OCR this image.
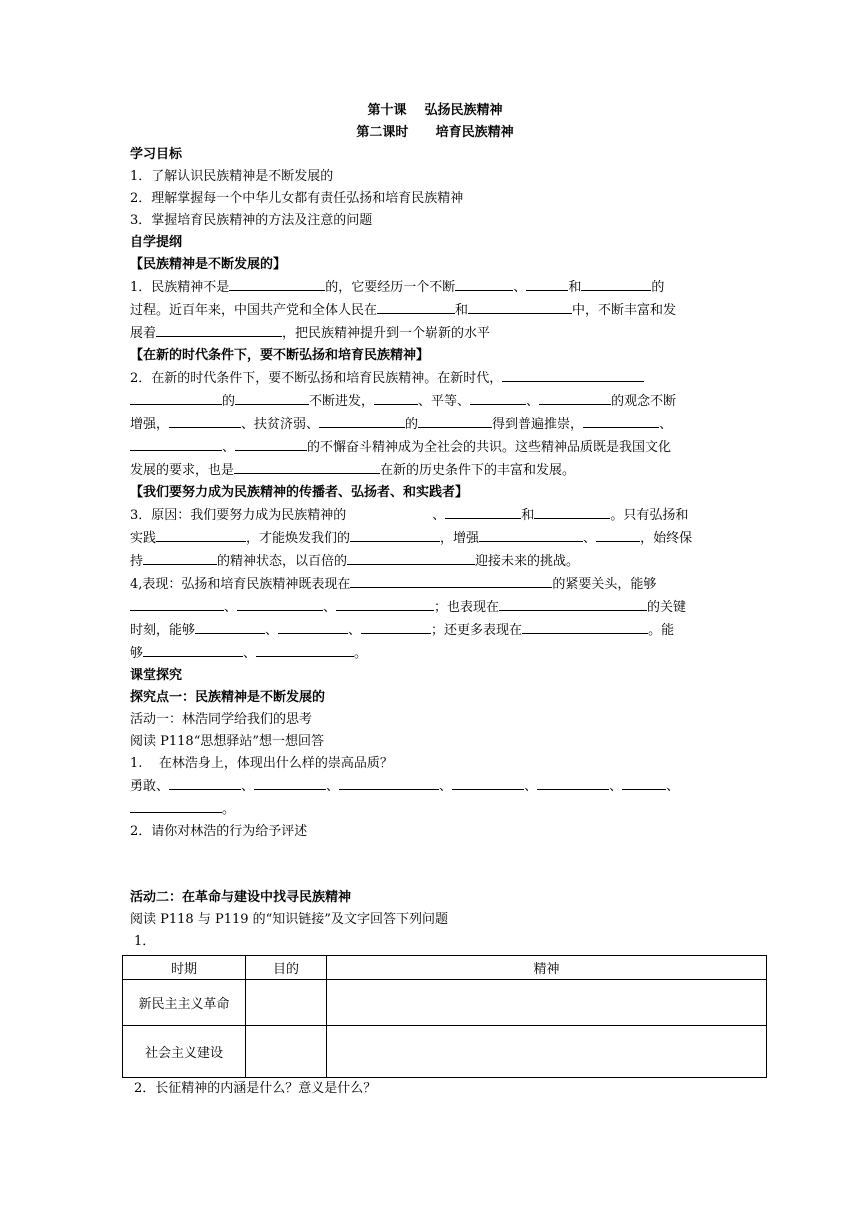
第十课    弘扬民族精神
第二课时      培育民族精神
学习目标
1．了解认识民族精神是不断发展的
2．理解掌握每一个中华儿女都有责任弘扬和培育民族精神
3．掌握培育民族精神的方法及注意的问题
自学提纲
【民族精神是不断发展的】
1．民族精神不是	的，它要经历一个不断	、	和	的
过程。近百年来，中国共产党和全体人民在	和	中，不断丰富和发
展着	，把民族精神提升到一个崭新的水平
【在新的时代条件下，要不断弘扬和培育民族精神】
2．在新的时代条件下，要不断弘扬和培育民族精神。在新时代，
的	不断进发，	、平等、	、	的观念不断
增强，	、扶贫济弱、	的	得到普遍推崇，	、
、	的不懈奋斗精神成为全社会的共识。这些精神品质既是我国文化
发展的要求，也是	在新的历史条件下的丰富和发展。
【我们要努力成为民族精神的传播者、弘扬者、和实践者】
3．原因：我们要努力成为民族精神的	、	和	。只有弘扬和
实践	，才能焕发我们的	，增强	、	，始终保
持	的精神状态，以百倍的	迎接未来的挑战。
4,表现：弘扬和培育民族精神既表现在	的紧要关头，能够
、	、	；也表现在	的关键
时刻，能够	、	、	；还更多表现在	。能
够	、	。
课堂探究
探究点一：民族精神是不断发展的
活动一：林浩同学给我们的思考
阅读 P118“思想驿站”想一想回答
1.    在林浩身上，体现出什么样的崇高品质？
勇敢、	、	、	、	、	、	、
。
2．请你对林浩的行为给予评述
活动二：在革命与建设中找寻民族精神
阅读 P118 与 P119 的“知识链接”及文字回答下列问题
1．
时期	目的	精神
新民主主义革命		
社会主义建设		
2．长征精神的内涵是什么？意义是什么？
